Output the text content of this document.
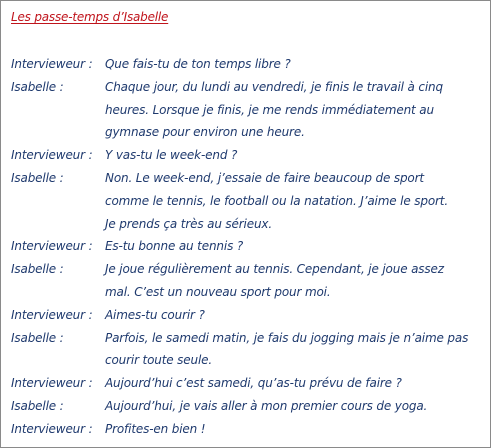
Les passe-temps d’Isabelle
Intervieweur : Que fais-tu de ton temps libre ?
Isabelle :	Chaque jour, du lundi au vendredi, je finis le travail à cinq
heures. Lorsque je finis, je me rends immédiatement au
gymnase pour environ une heure.
Intervieweur : Y vas-tu le week-end ?
Isabelle :	Non. Le week-end, j’essaie de faire beaucoup de sport
comme le tennis, le football ou la natation. J’aime le sport.
Je prends ça très au sérieux.
Intervieweur : Es-tu bonne au tennis ?
Isabelle :	Je joue régulièrement au tennis. Cependant, je joue assez
mal. C’est un nouveau sport pour moi.
Intervieweur : Aimes-tu courir ?
Isabelle :	Parfois, le samedi matin, je fais du jogging mais je n’aime pas
courir toute seule.
Intervieweur : Aujourd’hui c’est samedi, qu’as-tu prévu de faire ?
Isabelle :	Aujourd’hui, je vais aller à mon premier cours de yoga.
Intervieweur : Profites-en bien !
